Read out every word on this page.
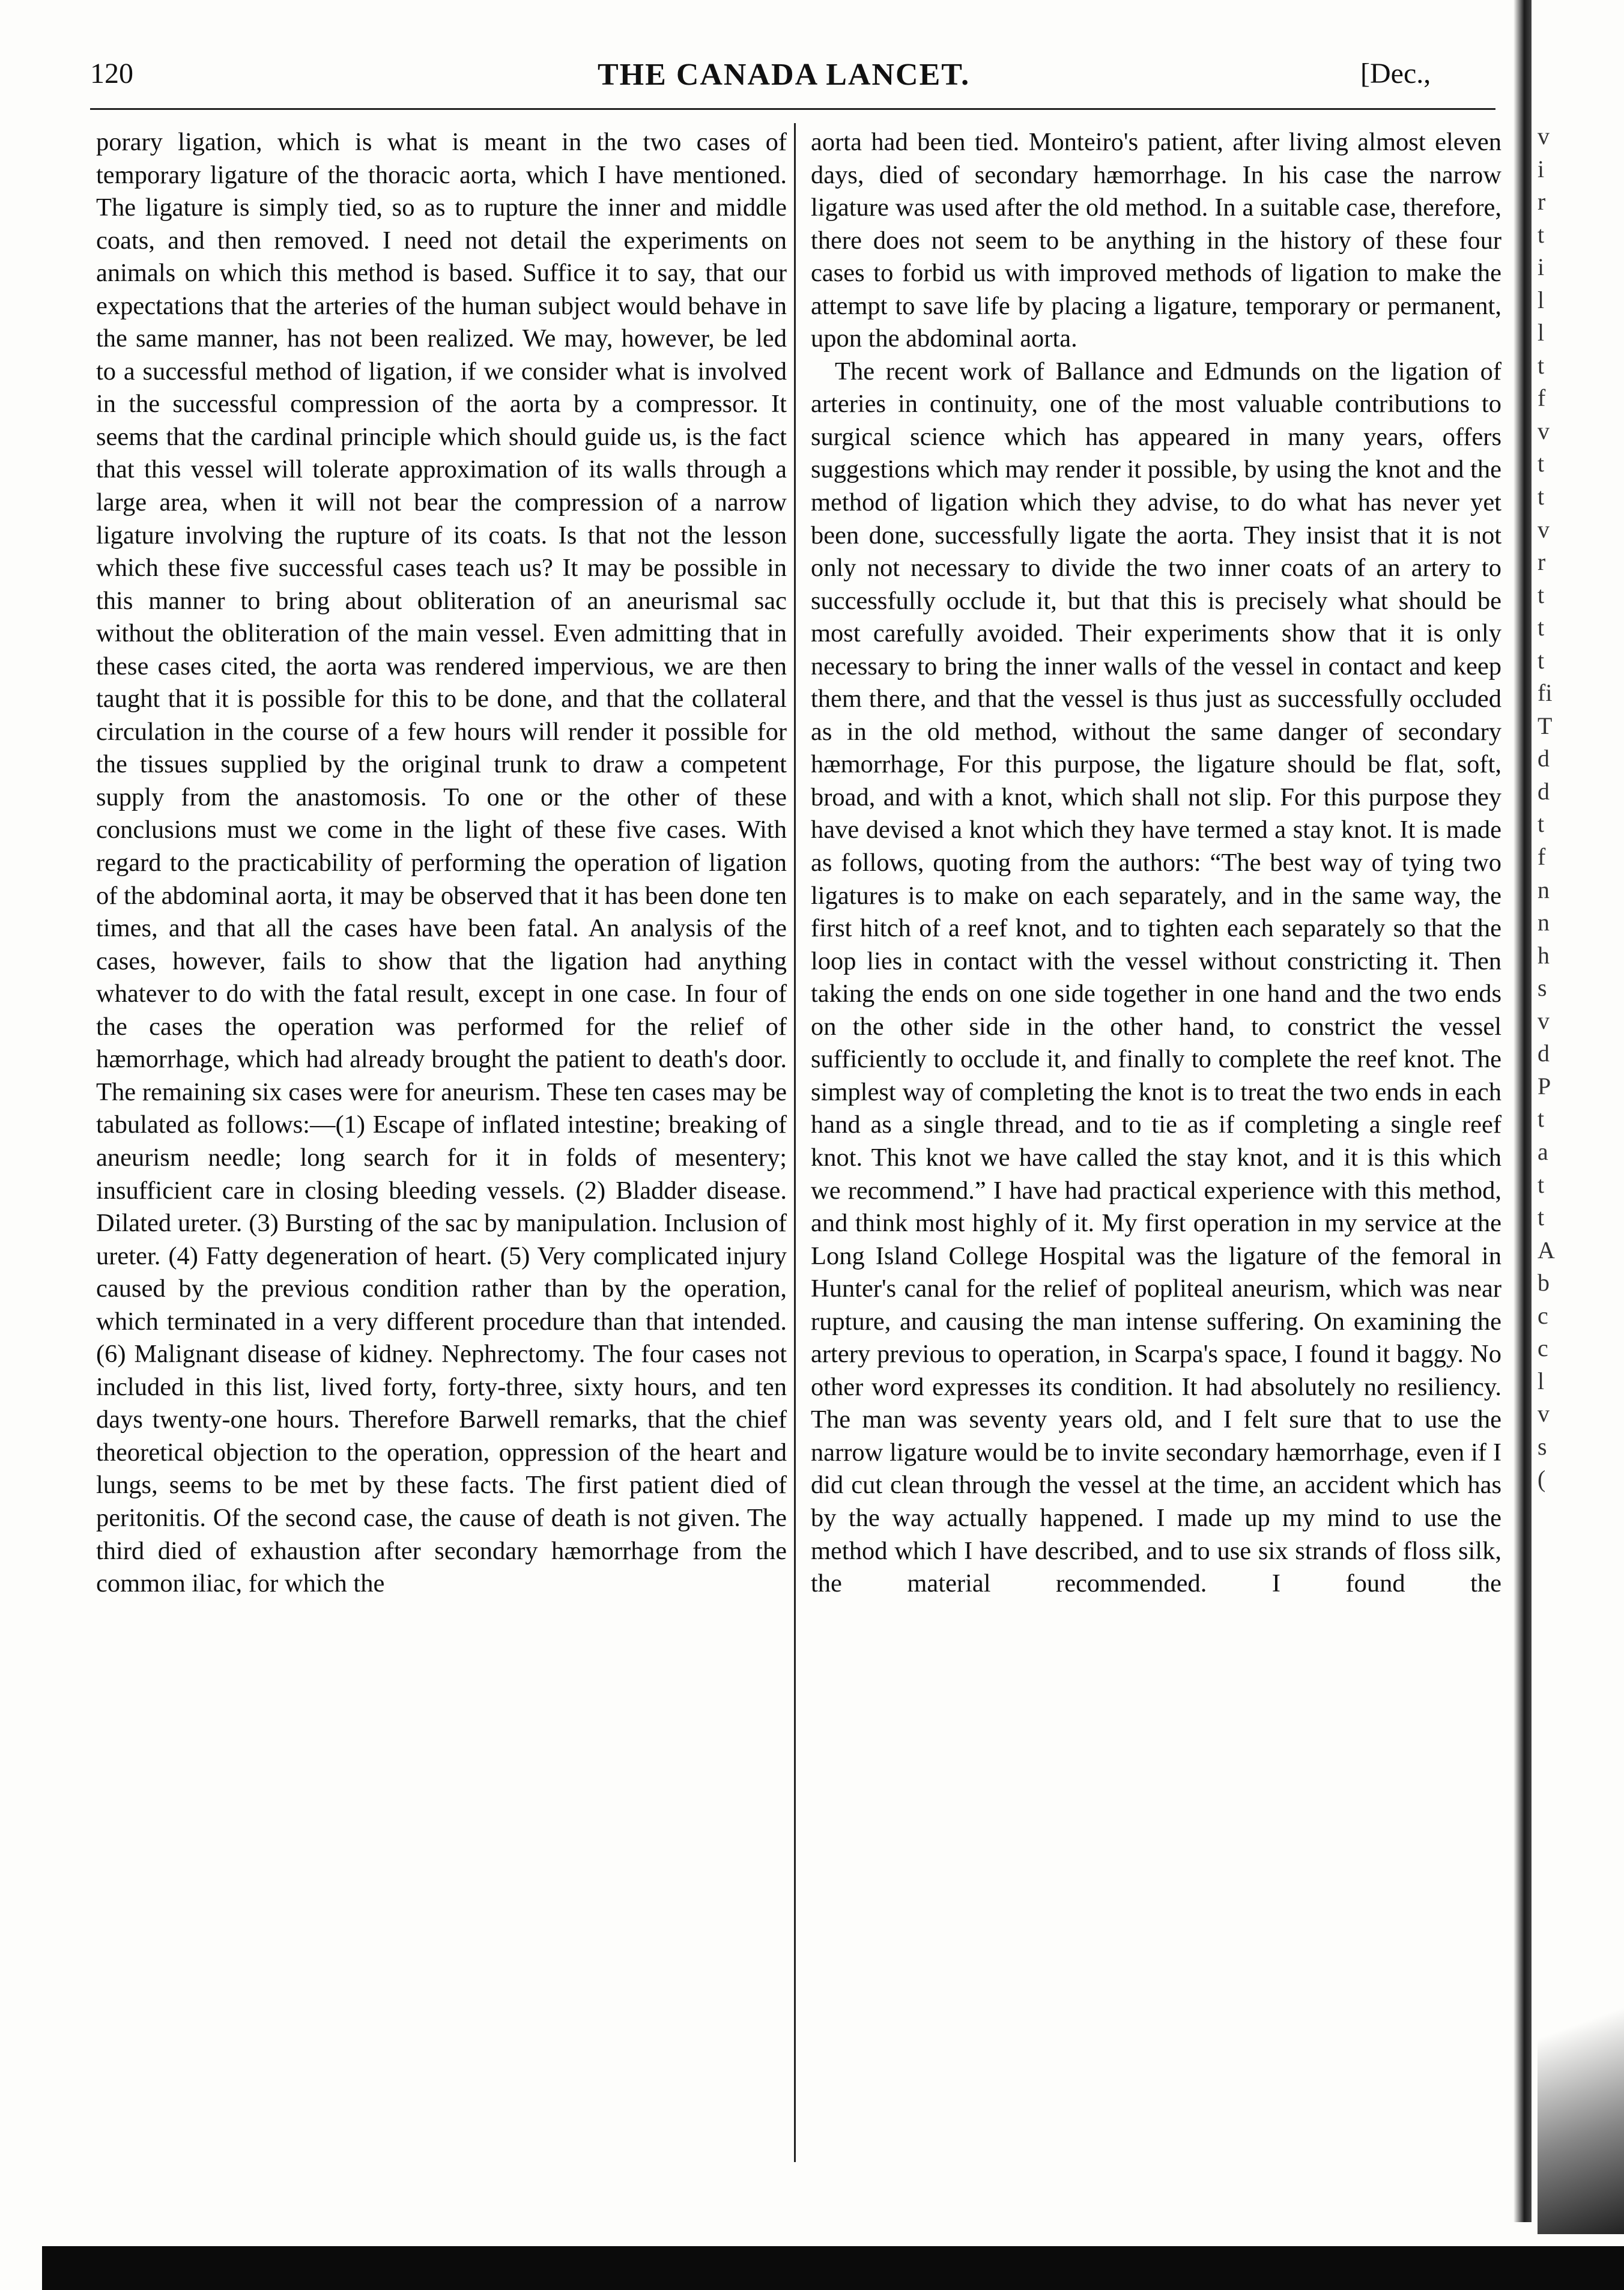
120	THE CANADA LANCET.	[Dec.,

porary ligation, which is what is meant in the two cases of temporary ligature of the thoracic aorta, which I have mentioned. The ligature is simply tied, so as to rupture the inner and middle coats, and then removed. I need not detail the experiments on animals on which this method is based. Suffice it to say, that our expectations that the arteries of the human subject would behave in the same manner, has not been realized. We may, however, be led to a successful method of ligation, if we consider what is involved in the successful compression of the aorta by a compressor. It seems that the cardinal principle which should guide us, is the fact that this vessel will tolerate approximation of its walls through a large area, when it will not bear the compression of a narrow ligature involving the rupture of its coats. Is that not the lesson which these five successful cases teach us? It may be possible in this manner to bring about obliteration of an aneurismal sac without the obliteration of the main vessel. Even admitting that in these cases cited, the aorta was rendered impervious, we are then taught that it is possible for this to be done, and that the collateral circulation in the course of a few hours will render it possible for the tissues supplied by the original trunk to draw a competent supply from the anastomosis. To one or the other of these conclusions must we come in the light of these five cases. With regard to the practicability of performing the operation of ligation of the abdominal aorta, it may be observed that it has been done ten times, and that all the cases have been fatal. An analysis of the cases, however, fails to show that the ligation had anything whatever to do with the fatal result, except in one case. In four of the cases the operation was performed for the relief of hæmorrhage, which had already brought the patient to death's door. The remaining six cases were for aneurism. These ten cases may be tabulated as follows:—(1) Escape of inflated intestine; breaking of aneurism needle; long search for it in folds of mesentery; insufficient care in closing bleeding vessels. (2) Bladder disease. Dilated ureter. (3) Bursting of the sac by manipulation. Inclusion of ureter. (4) Fatty degeneration of heart. (5) Very complicated injury caused by the previous condition rather than by the operation, which terminated in a very different procedure than that intended. (6) Malignant disease of kidney. Nephrectomy. The four cases not included in this list, lived forty, forty-three, sixty hours, and ten days twenty-one hours. Therefore Barwell remarks, that the chief theoretical objection to the operation, oppression of the heart and lungs, seems to be met by these facts. The first patient died of peritonitis. Of the second case, the cause of death is not given. The third died of exhaustion after secondary hæmorrhage from the common iliac, for which the

aorta had been tied. Monteiro's patient, after living almost eleven days, died of secondary hæmorrhage. In his case the narrow ligature was used after the old method. In a suitable case, therefore, there does not seem to be anything in the history of these four cases to forbid us with improved methods of ligation to make the attempt to save life by placing a ligature, temporary or permanent, upon the abdominal aorta.

The recent work of Ballance and Edmunds on the ligation of arteries in continuity, one of the most valuable contributions to surgical science which has appeared in many years, offers suggestions which may render it possible, by using the knot and the method of ligation which they advise, to do what has never yet been done, successfully ligate the aorta. They insist that it is not only not necessary to divide the two inner coats of an artery to successfully occlude it, but that this is precisely what should be most carefully avoided. Their experiments show that it is only necessary to bring the inner walls of the vessel in contact and keep them there, and that the vessel is thus just as successfully occluded as in the old method, without the same danger of secondary hæmorrhage, For this purpose, the ligature should be flat, soft, broad, and with a knot, which shall not slip. For this purpose they have devised a knot which they have termed a stay knot. It is made as follows, quoting from the authors: “The best way of tying two ligatures is to make on each separately, and in the same way, the first hitch of a reef knot, and to tighten each separately so that the loop lies in contact with the vessel without constricting it. Then taking the ends on one side together in one hand and the two ends on the other side in the other hand, to constrict the vessel sufficiently to occlude it, and finally to complete the reef knot. The simplest way of completing the knot is to treat the two ends in each hand as a single thread, and to tie as if completing a single reef knot. This knot we have called the stay knot, and it is this which we recommend.” I have had practical experience with this method, and think most highly of it. My first operation in my service at the Long Island College Hospital was the ligature of the femoral in Hunter's canal for the relief of popliteal aneurism, which was near rupture, and causing the man intense suffering. On examining the artery previous to operation, in Scarpa's space, I found it baggy. No other word expresses its condition. It had absolutely no resiliency. The man was seventy years old, and I felt sure that to use the narrow ligature would be to invite secondary hæmorrhage, even if I did cut clean through the vessel at the time, an accident which has by the way actually happened. I made up my mind to use the method which I have described, and to use six strands of floss silk, the material recommended. I found the

v
i
r
t
i
l
l
t
f
v
t
t
v
r
t
t
t
fi
T
d
d
t
f
n
n
h
s
v
d
P
t
a
t
t
A
b
c
c
l
v
s
(
